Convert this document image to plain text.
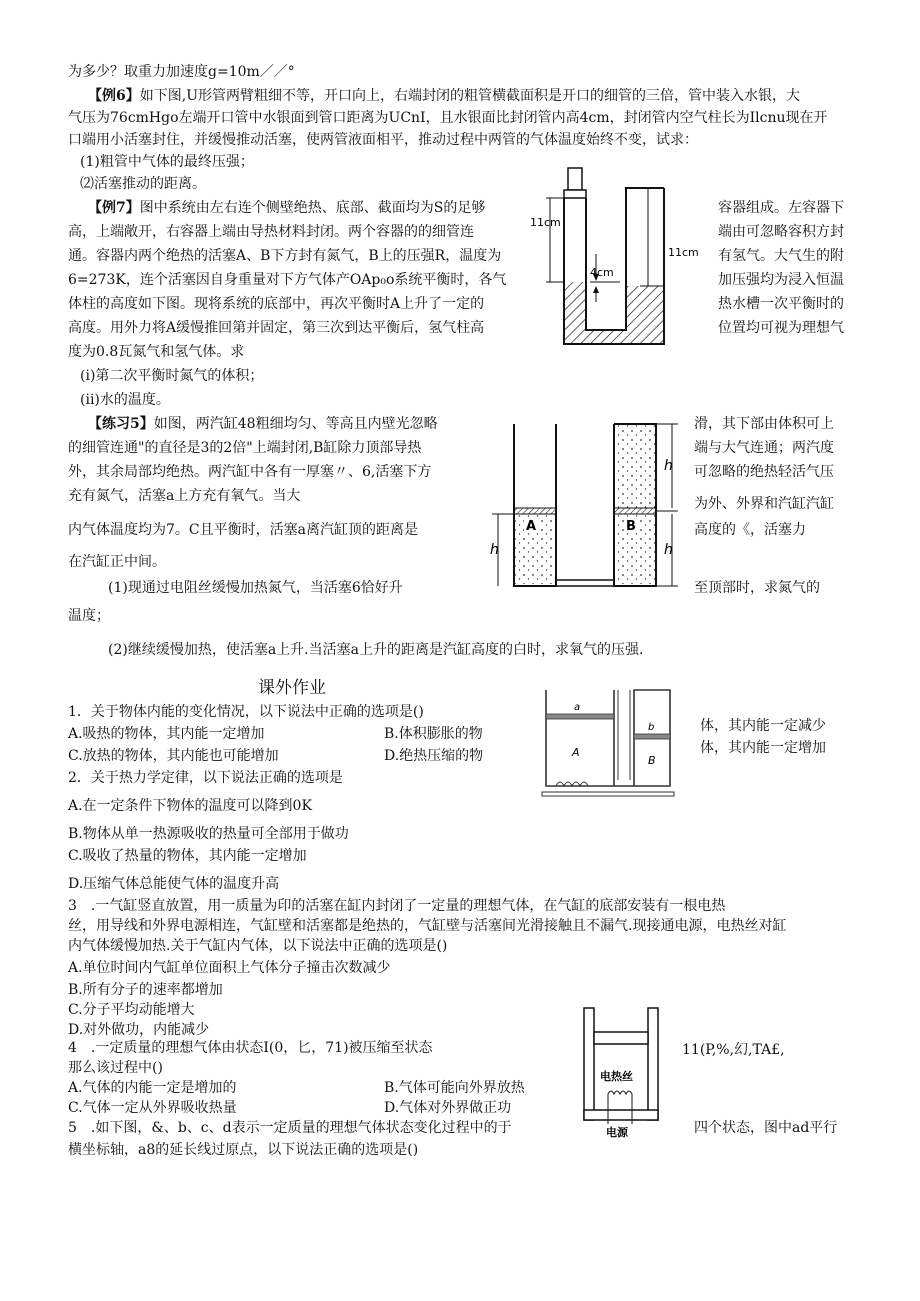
为多少？取重力加速度g=10m／／°
【例6】如下图,U形管两臂粗细不等，开口向上，右端封闭的粗管横截面积是开口的细管的三倍，管中装入水银，大
气压为76cmHgo左端开口管中水银面到管口距离为UCnI，且水银面比封闭管内高4cm，封闭管内空气柱长为Ilcnu现在开
口端用小活塞封住，并缓慢推动活塞，使两管液面相平，推动过程中两管的气体温度始终不变，试求：
(1)粗管中气体的最终压强；
⑵活塞推动的距离。
【例7】图中系统由左右连个侧壁绝热、底部、截面均为S的足够	容器组成。左容器下
高，上端敞开，右容器上端由导热材料封闭。两个容器的的细管连	端由可忽略容积方封
通。容器内两个绝热的活塞A、B下方封有氮气，B上的压强R，温度为	有氢气。大气生的附
6=273K，连个活塞因自身重量对下方气体产OAp₀o系统平衡时，各气	加压强均为浸入恒温
体柱的高度如下图。现将系统的底部中，再次平衡时A上升了一定的	热水槽一次平衡时的
高度。用外力将A缓慢推回第并固定，第三次到达平衡后，氢气柱高	位置均可视为理想气
度为0.8瓦氮气和氢气体。求
(i)第二次平衡时氮气的体积；
(ii)水的温度。
【练习5】如图，两汽缸48粗细均匀、等高且内壁光忽略	滑，其下部由体积可上
的细管连通"的直径是3的2倍"上端封闭,B缸除力顶部导热	端与大气连通；两汽度
外，其余局部均绝热。两汽缸中各有一厚塞〃、6,活塞下方	可忽略的绝热轻活气压
充有氮气，活塞a上方充有氧气。当大	为外、外界和汽缸汽缸
内气体温度均为7。C且平衡时，活塞a离汽缸顶的距离是	高度的《，活塞力
在汽缸正中间。
(1)现通过电阻丝缓慢加热氮气，当活塞6恰好升	至顶部时，求氮气的
温度；
(2)继续缓慢加热，使活塞a上升.当活塞a上升的距离是汽缸高度的白时，求氧气的压强.
课外作业
1．关于物体内能的变化情况，以下说法中正确的选项是()
A.吸热的物体，其内能一定增加	B.体积膨胀的物	体，其内能一定减少
C.放热的物体，其内能也可能增加	D.绝热压缩的物	体，其内能一定增加
2．关于热力学定律，以下说法正确的选项是
A.在一定条件下物体的温度可以降到0K
B.物体从单一热源吸收的热量可全部用于做功
C.吸收了热量的物体，其内能一定增加
D.压缩气体总能使气体的温度升高
3　.一气缸竖直放置，用一质量为印的活塞在缸内封闭了一定量的理想气体，在气缸的底部安装有一根电热
丝，用导线和外界电源相连，气缸壁和活塞都是绝热的，气缸壁与活塞间光滑接触且不漏气.现接通电源，电热丝对缸
内气体缓慢加热.关于气缸内气体，以下说法中正确的选项是()
A.单位时间内气缸单位面积上气体分子撞击次数减少
B.所有分子的速率都增加
C.分子平均动能增大
D.对外做功，内能减少
4　.一定质量的理想气体由状态I(0，匕，71)被压缩至状态	11(P,%,幻,TA£,
那么该过程中()
A.气体的内能一定是增加的	B.气体可能向外界放热
C.气体一定从外界吸收热量	D.气体对外界做正功
5　.如下图，&、b、c、d表示一定质量的理想气体状态变化过程中的于	四个状态，图中ad平行
横坐标轴，a8的延长线过原点，以下说法正确的选项是()
11cm
11cm
4cm
A	B
h
h
h
a
b
A
B
电热丝
电源
